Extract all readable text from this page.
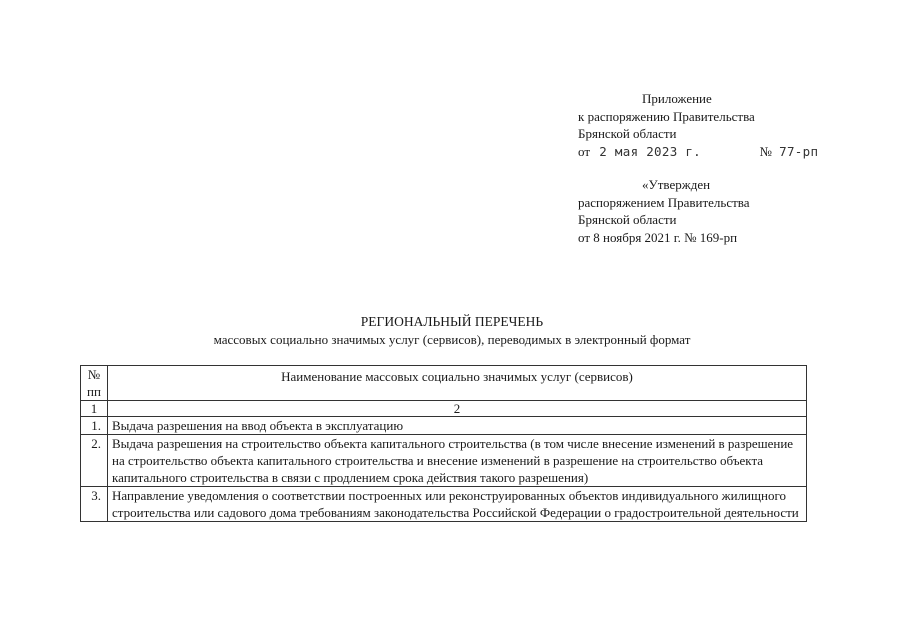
Приложение
к распоряжению Правительства
Брянской области
от 2 мая 2023 г.	№ 77-рп
«Утвержден
распоряжением Правительства
Брянской области
от 8 ноября 2021 г. № 169-рп
РЕГИОНАЛЬНЫЙ ПЕРЕЧЕНЬ
массовых социально значимых услуг (сервисов), переводимых в электронный формат
№
пп	Наименование массовых социально значимых услуг (сервисов)
1	2
1.	Выдача разрешения на ввод объекта в эксплуатацию
2.	Выдача разрешения на строительство объекта капитального строительства (в том числе внесение изменений в разрешение на строительство объекта капитального строительства и внесение изменений в разрешение на строительство объекта капитального строительства в связи с продлением срока действия такого разрешения)
3.	Направление уведомления о соответствии построенных или реконструированных объектов индивидуального жилищного строительства или садового дома требованиям законодательства Российской Федерации о градостроительной деятельности
